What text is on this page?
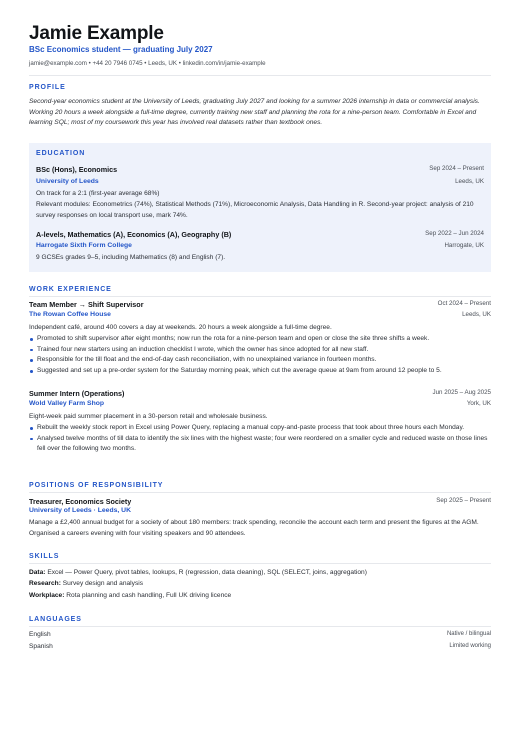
Jamie Example
BSc Economics student — graduating July 2027
jamie@example.com • +44 20 7946 0745 • Leeds, UK • linkedin.com/in/jamie-example
PROFILE
Second-year economics student at the University of Leeds, graduating July 2027 and looking for a summer 2026 internship in data or commercial analysis. Working 20 hours a week alongside a full-time degree, currently training new staff and planning the rota for a nine-person team. Comfortable in Excel and learning SQL; most of my coursework this year has involved real datasets rather than textbook ones.
EDUCATION
BSc (Hons), Economics	Sep 2024 – Present
University of Leeds	Leeds, UK
On track for a 2:1 (first-year average 68%)
Relevant modules: Econometrics (74%), Statistical Methods (71%), Microeconomic Analysis, Data Handling in R. Second-year project: analysis of 210 survey responses on local transport use, mark 74%.
A-levels, Mathematics (A), Economics (A), Geography (B)	Sep 2022 – Jun 2024
Harrogate Sixth Form College	Harrogate, UK
9 GCSEs grades 9–5, including Mathematics (8) and English (7).
WORK EXPERIENCE
Team Member → Shift Supervisor	Oct 2024 – Present
The Rowan Coffee House	Leeds, UK
Independent café, around 400 covers a day at weekends. 20 hours a week alongside a full-time degree.
Promoted to shift supervisor after eight months; now run the rota for a nine-person team and open or close the site three shifts a week.
Trained four new starters using an induction checklist I wrote, which the owner has since adopted for all new staff.
Responsible for the till float and the end-of-day cash reconciliation, with no unexplained variance in fourteen months.
Suggested and set up a pre-order system for the Saturday morning peak, which cut the average queue at 9am from around 12 people to 5.
Summer Intern (Operations)	Jun 2025 – Aug 2025
Wold Valley Farm Shop	York, UK
Eight-week paid summer placement in a 30-person retail and wholesale business.
Rebuilt the weekly stock report in Excel using Power Query, replacing a manual copy-and-paste process that took about three hours each Monday.
Analysed twelve months of till data to identify the six lines with the highest waste; four were reordered on a smaller cycle and reduced waste on those lines fell over the following two months.
POSITIONS OF RESPONSIBILITY
Treasurer, Economics Society	Sep 2025 – Present
University of Leeds · Leeds, UK
Manage a £2,400 annual budget for a society of about 180 members: track spending, reconcile the account each term and present the figures at the AGM. Organised a careers evening with four visiting speakers and 90 attendees.
SKILLS
Data: Excel — Power Query, pivot tables, lookups, R (regression, data cleaning), SQL (SELECT, joins, aggregation)
Research: Survey design and analysis
Workplace: Rota planning and cash handling, Full UK driving licence
LANGUAGES
English	Native / bilingual
Spanish	Limited working
